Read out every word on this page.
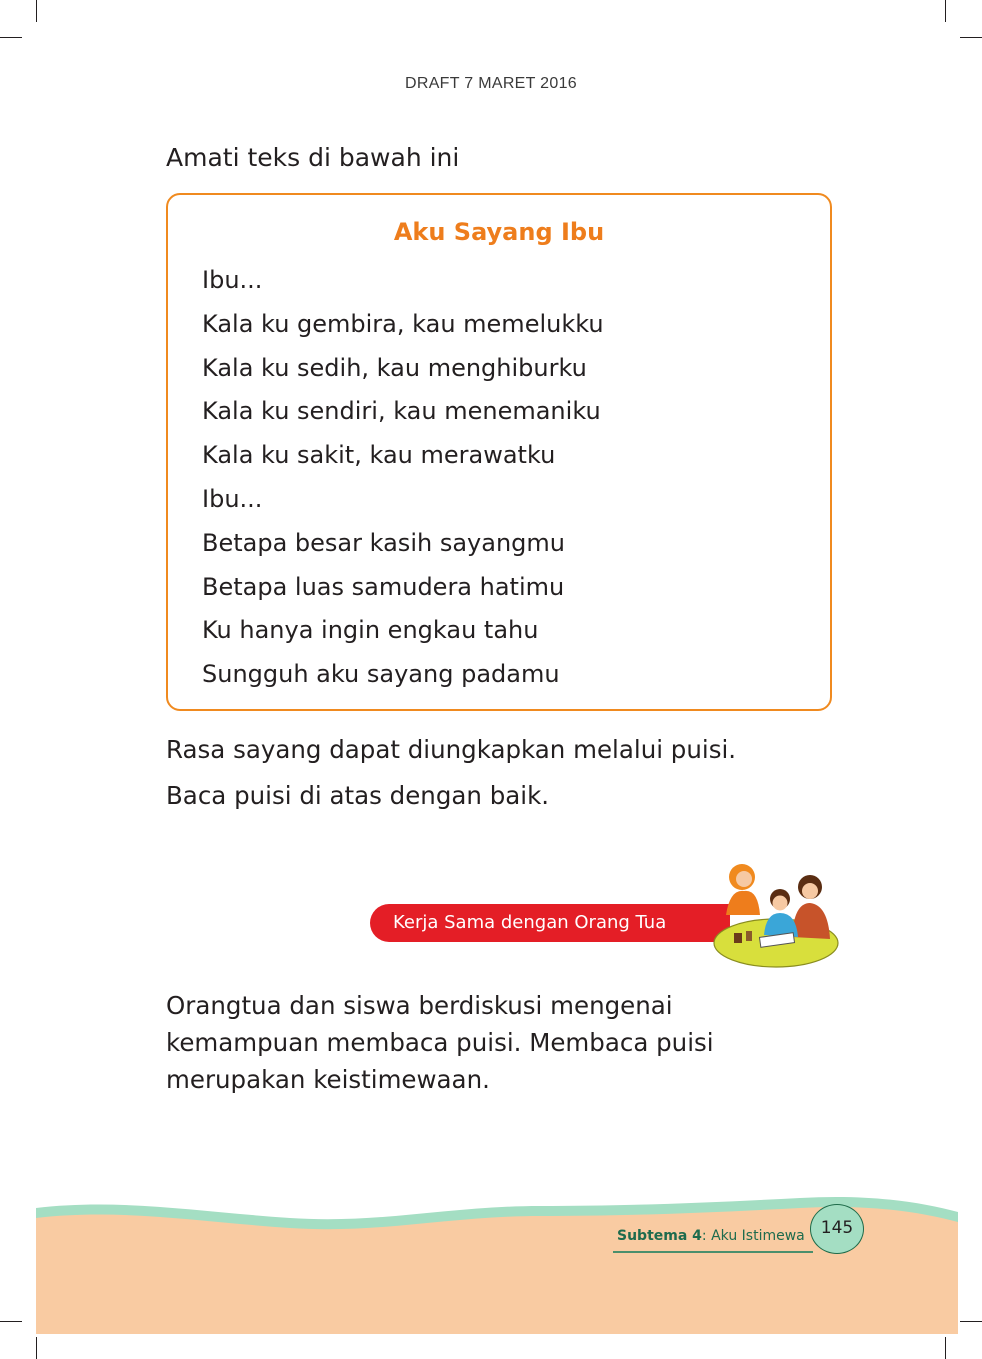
DRAFT 7 MARET 2016
Amati teks di bawah ini
Aku Sayang Ibu
Ibu...
Kala ku gembira, kau memelukku
Kala ku sedih, kau menghiburku
Kala ku sendiri, kau menemaniku
Kala ku sakit, kau merawatku
Ibu...
Betapa besar kasih sayangmu
Betapa luas samudera hatimu
Ku hanya ingin engkau tahu
Sungguh aku sayang padamu
Rasa sayang dapat diungkapkan melalui puisi.
Baca puisi di atas dengan baik.
Kerja Sama dengan Orang Tua
Orangtua dan siswa berdiskusi mengenai
kemampuan membaca puisi. Membaca puisi
merupakan keistimewaan.
Subtema 4: Aku Istimewa 145
